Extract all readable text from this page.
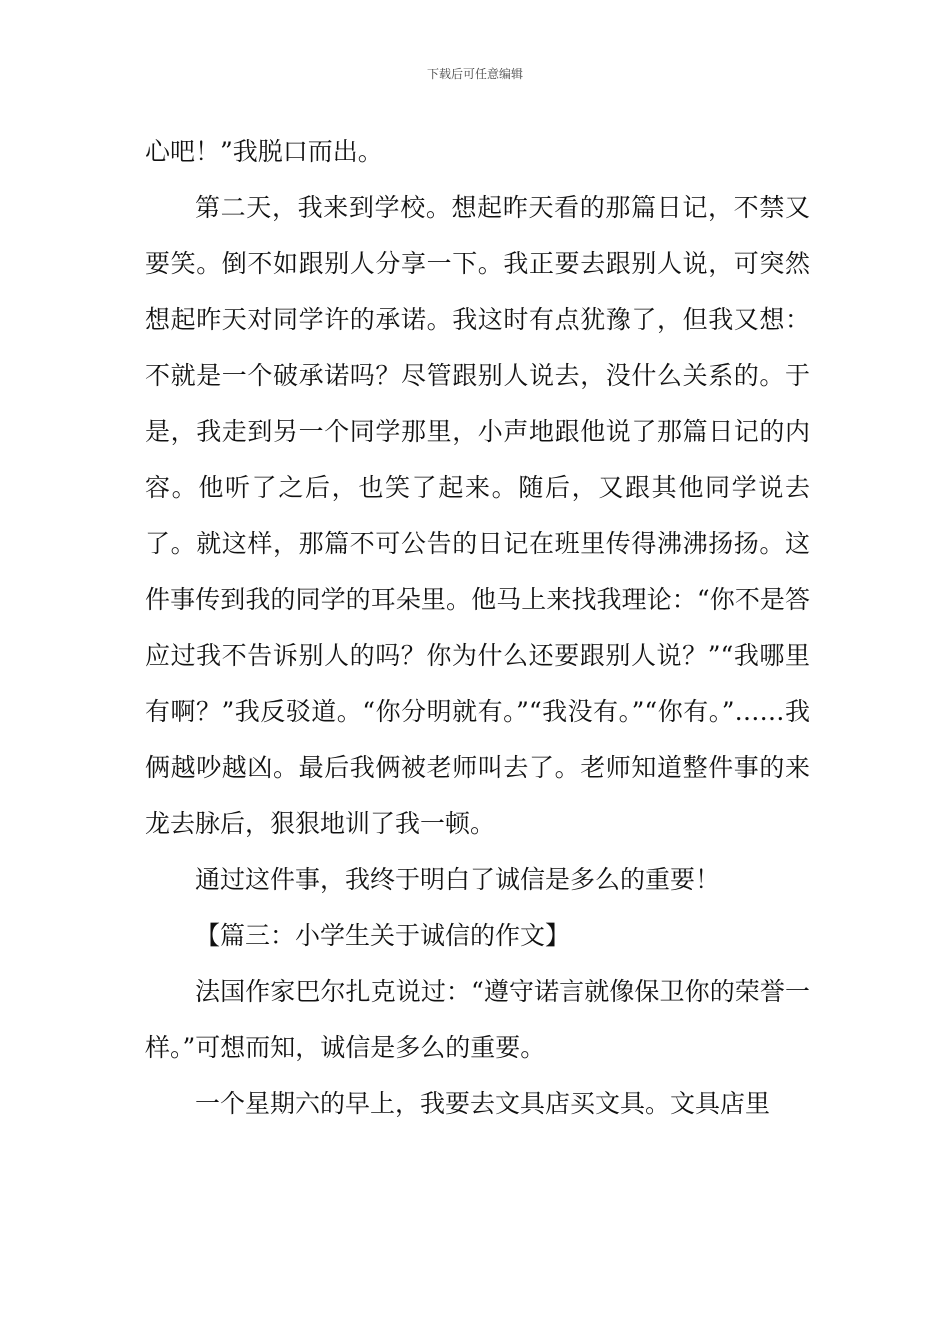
下载后可任意编辑

心吧！”我脱口而出。

第二天，我来到学校。想起昨天看的那篇日记，不禁又要笑。倒不如跟别人分享一下。我正要去跟别人说，可突然想起昨天对同学许的承诺。我这时有点犹豫了，但我又想：不就是一个破承诺吗？尽管跟别人说去，没什么关系的。于是，我走到另一个同学那里，小声地跟他说了那篇日记的内容。他听了之后，也笑了起来。随后，又跟其他同学说去了。就这样，那篇不可公告的日记在班里传得沸沸扬扬。这件事传到我的同学的耳朵里。他马上来找我理论：“你不是答应过我不告诉别人的吗？你为什么还要跟别人说？”“我哪里有啊？”我反驳道。“你分明就有。”“我没有。”“你有。”……我俩越吵越凶。最后我俩被老师叫去了。老师知道整件事的来龙去脉后，狠狠地训了我一顿。

通过这件事，我终于明白了诚信是多么的重要！

【篇三：小学生关于诚信的作文】

法国作家巴尔扎克说过：“遵守诺言就像保卫你的荣誉一样。”可想而知，诚信是多么的重要。

一个星期六的早上，我要去文具店买文具。文具店里
